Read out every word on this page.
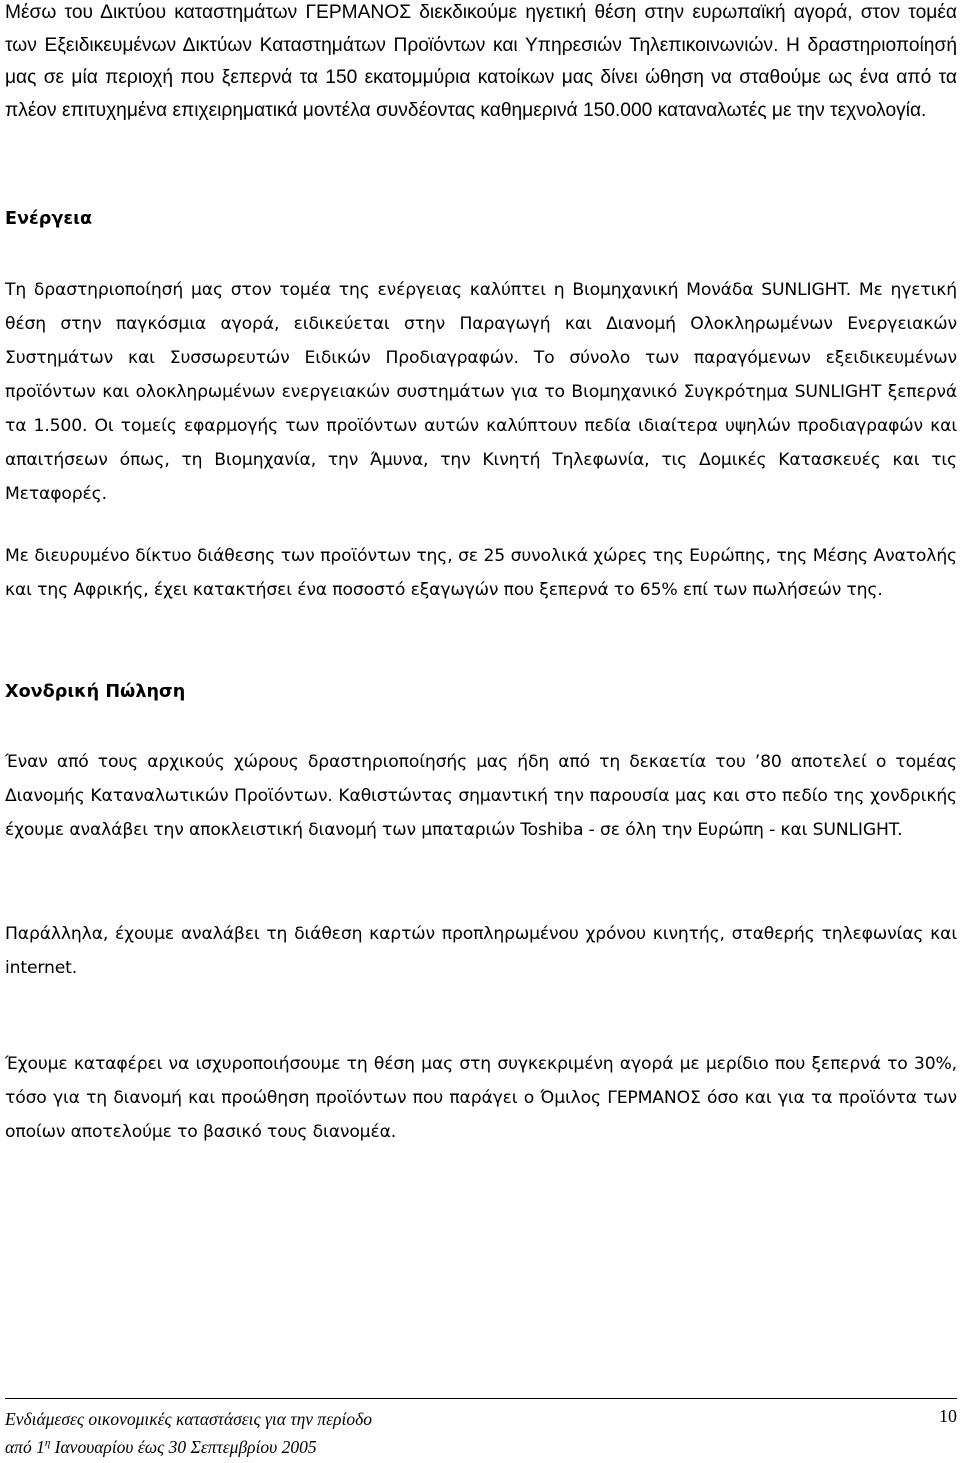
Μέσω του Δικτύου καταστημάτων ΓΕΡΜΑΝΟΣ διεκδικούμε ηγετική θέση στην ευρωπαϊκή αγορά, στον τομέα των Εξειδικευμένων Δικτύων Καταστημάτων Προϊόντων και Υπηρεσιών Τηλεπικοινωνιών. Η δραστηριοποίησή μας σε μία περιοχή που ξεπερνά τα 150 εκατομμύρια κατοίκων μας δίνει ώθηση να σταθούμε ως ένα από τα πλέον επιτυχημένα επιχειρηματικά μοντέλα συνδέοντας καθημερινά 150.000 καταναλωτές με την τεχνολογία.

Ενέργεια

Τη δραστηριοποίησή μας στον τομέα της ενέργειας καλύπτει η Βιομηχανική Μονάδα SUNLIGHT. Με ηγετική θέση στην παγκόσμια αγορά, ειδικεύεται στην Παραγωγή και Διανομή Ολοκληρωμένων Ενεργειακών Συστημάτων και Συσσωρευτών Ειδικών Προδιαγραφών. Το σύνολο των παραγόμενων εξειδικευμένων προϊόντων και ολοκληρωμένων ενεργειακών συστημάτων για το Βιομηχανικό Συγκρότημα SUNLIGHT ξεπερνά τα 1.500. Οι τομείς εφαρμογής των προϊόντων αυτών καλύπτουν πεδία ιδιαίτερα υψηλών προδιαγραφών και απαιτήσεων όπως, τη Βιομηχανία, την Άμυνα, την Κινητή Τηλεφωνία, τις Δομικές Κατασκευές και τις Μεταφορές.

Με διευρυμένο δίκτυο διάθεσης των προϊόντων της, σε 25 συνολικά χώρες της Ευρώπης, της Μέσης Ανατολής και της Αφρικής, έχει κατακτήσει ένα ποσοστό εξαγωγών που ξεπερνά το 65% επί των πωλήσεών της.

Χονδρική Πώληση

Έναν από τους αρχικούς χώρους δραστηριοποίησής μας ήδη από τη δεκαετία του ’80 αποτελεί ο τομέας Διανομής Καταναλωτικών Προϊόντων. Καθιστώντας σημαντική την παρουσία μας και στο πεδίο της χονδρικής έχουμε αναλάβει την αποκλειστική διανομή των μπαταριών Toshiba - σε όλη την Ευρώπη - και SUNLIGHT.

Παράλληλα, έχουμε αναλάβει τη διάθεση καρτών προπληρωμένου χρόνου κινητής, σταθερής τηλεφωνίας και internet.

Έχουμε καταφέρει να ισχυροποιήσουμε τη θέση μας στη συγκεκριμένη αγορά με μερίδιο που ξεπερνά το 30%, τόσο για τη διανομή και προώθηση προϊόντων που παράγει ο Όμιλος ΓΕΡΜΑΝΟΣ όσο και για τα προϊόντα των οποίων αποτελούμε το βασικό τους διανομέα.

Ενδιάμεσες οικονομικές καταστάσεις για την περίοδο
από $1^\eta$ Ιανουαρίου έως 30 Σεπτεμβρίου 2005
10
